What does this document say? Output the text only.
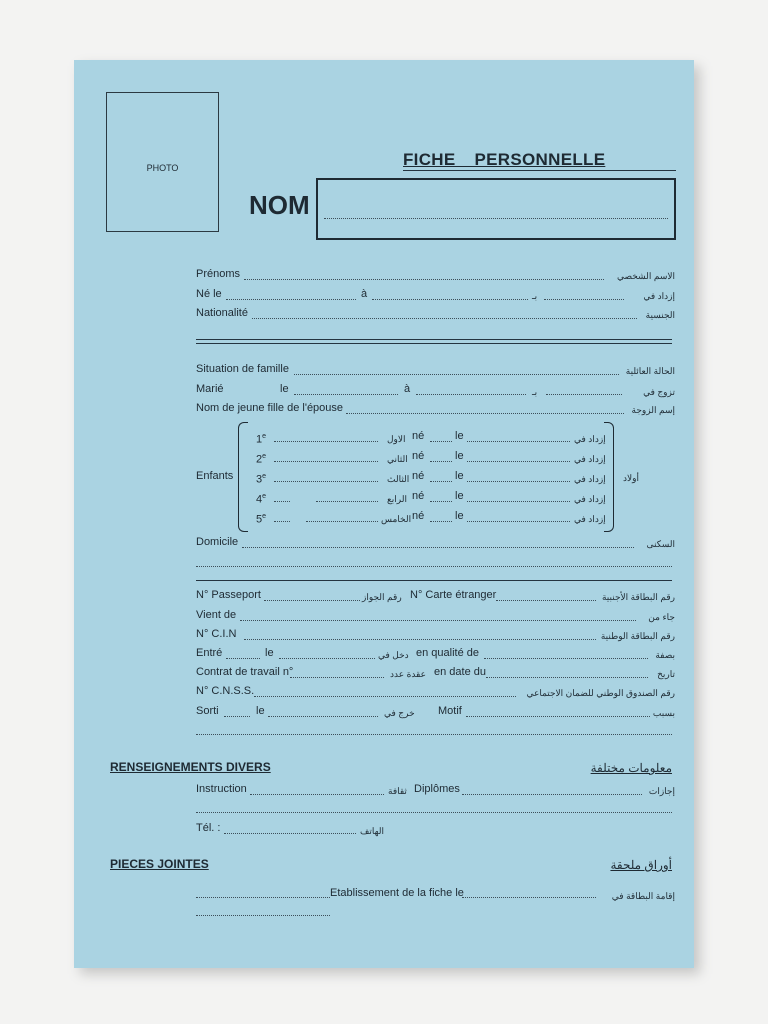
PHOTO	FICHE PERSONNELLE
NOM
Prénoms	الاسم الشخصي
Né le	à	بـ	إزداد في
Nationalité	الجنسية
Situation de famille	الحالة العائلية
Marié	le	à	بـ	تزوج في
Nom de jeune fille de l'épouse	إسم الزوجة
Enfants	أولاد
1e	الاول né	le	إزداد في
2e	الثاني né	le	إزداد في
3e	الثالث né	le	إزداد في
4e	الرابع né	le	إزداد في
5e	الخامس né	le	إزداد في
Domicile	السكنى
N° Passeport	رقم الجواز N° Carte étranger	رقم البطاقة الأجنبية
Vient de	جاء من
N° C.I.N	رقم البطاقة الوطنية
Entré	le	دخل في en qualité de	بصفة
Contrat de travail n°	عقدة عدد en date du	تاريخ
N° C.N.S.S.	رقم الصندوق الوطني للضمان الاجتماعي
Sorti	le	خرج في Motif	بسبب
RENSEIGNEMENTS DIVERS	معلومات مختلفة
Instruction	ثقافة Diplômes	إجازات
Tél. :	الهاتف
PIECES JOINTES	أوراق ملحقة
Etablissement de la fiche le	إقامة البطاقة في
